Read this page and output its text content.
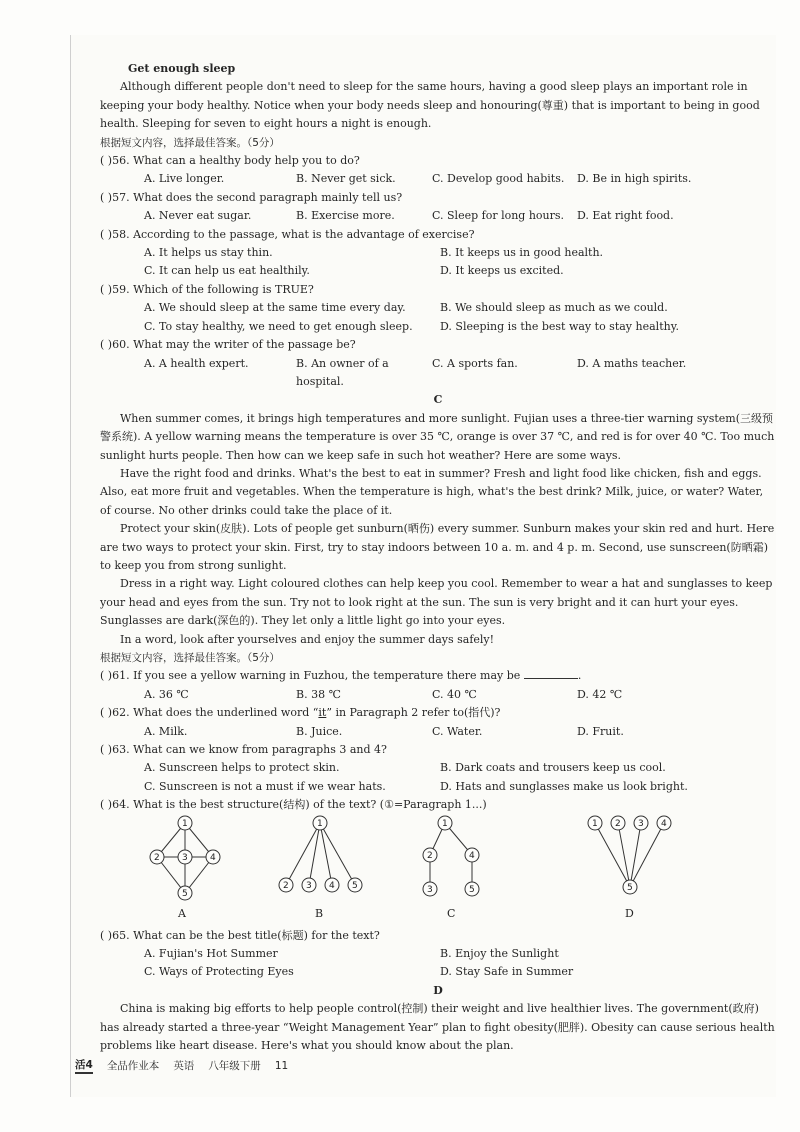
Get enough sleep

Although different people don't need to sleep for the same hours, having a good sleep plays an important role in keeping your body healthy. Notice when your body needs sleep and honouring(尊重) that is important to being in good health. Sleeping for seven to eight hours a night is enough.

根据短文内容，选择最佳答案。（5分）

( )56. What can a healthy body help you to do?

A. Live longer.	B. Never get sick.	C. Develop good habits.	D. Be in high spirits.

( )57. What does the second paragraph mainly tell us?

A. Never eat sugar.	B. Exercise more.	C. Sleep for long hours.	D. Eat right food.

( )58. According to the passage, what is the advantage of exercise?

A. It helps us stay thin.	B. It keeps us in good health.
C. It can help us eat healthily.	D. It keeps us excited.

( )59. Which of the following is TRUE?

A. We should sleep at the same time every day.	B. We should sleep as much as we could.
C. To stay healthy, we need to get enough sleep.	D. Sleeping is the best way to stay healthy.

( )60. What may the writer of the passage be?

A. A health expert.	B. An owner of a hospital.
C. A sports fan.	D. A maths teacher.

C

When summer comes, it brings high temperatures and more sunlight. Fujian uses a three-tier warning system(三级预警系统). A yellow warning means the temperature is over 35 ℃, orange is over 37 ℃, and red is for over 40 ℃. Too much sunlight hurts people. Then how can we keep safe in such hot weather? Here are some ways.

Have the right food and drinks. What's the best to eat in summer? Fresh and light food like chicken, fish and eggs. Also, eat more fruit and vegetables. When the temperature is high, what's the best drink? Milk, juice, or water? Water, of course. No other drinks could take the place of it.

Protect your skin(皮肤). Lots of people get sunburn(晒伤) every summer. Sunburn makes your skin red and hurt. Here are two ways to protect your skin. First, try to stay indoors between 10 a. m. and 4 p. m. Second, use sunscreen(防晒霜) to keep you from strong sunlight.

Dress in a right way. Light coloured clothes can help keep you cool. Remember to wear a hat and sunglasses to keep your head and eyes from the sun. Try not to look right at the sun. The sun is very bright and it can hurt your eyes. Sunglasses are dark(深色的). They let only a little light go into your eyes.

In a word, look after yourselves and enjoy the summer days safely!

根据短文内容，选择最佳答案。（5分）

( )61. If you see a yellow warning in Fuzhou, the temperature there may be	.

A. 36 ℃	B. 38 ℃	C. 40 ℃	D. 42 ℃

( )62. What does the underlined word “it” in Paragraph 2 refer to(指代)?

A. Milk.	B. Juice.	C. Water.	D. Fruit.

( )63. What can we know from paragraphs 3 and 4?

A. Sunscreen helps to protect skin.	B. Dark coats and trousers keep us cool.
C. Sunscreen is not a must if we wear hats.	D. Hats and sunglasses make us look bright.

( )64. What is the best structure(结构) of the text? (①=Paragraph 1...)

1
2 3 4
5
A
1
2 3 4 5
B
1
2	4
3	5
C
1 2 3 4
5
D

( )65. What can be the best title(标题) for the text?

A. Fujian's Hot Summer	B. Enjoy the Sunlight
C. Ways of Protecting Eyes	D. Stay Safe in Summer

D

China is making big efforts to help people control(控制) their weight and live healthier lives. The government(政府) has already started a three-year “Weight Management Year” plan to fight obesity(肥胖). Obesity can cause serious health problems like heart disease. Here's what you should know about the plan.

活4 全品作业本 英语 八年级下册 11
